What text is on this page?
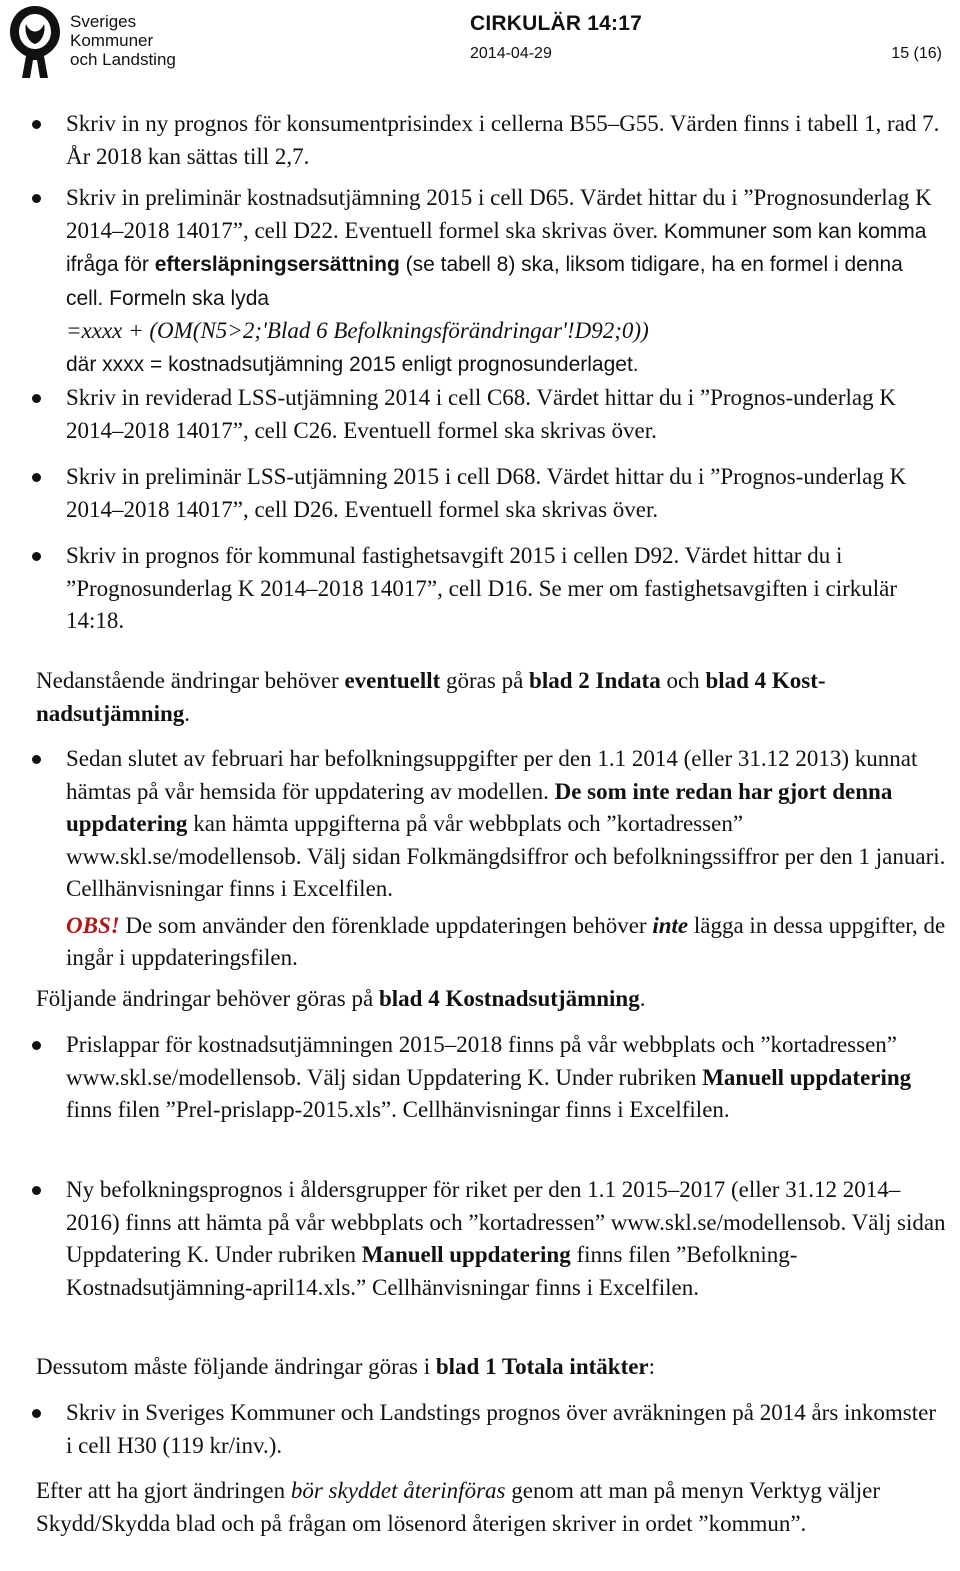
Sveriges
Kommuner
och Landsting
CIRKULÄR 14:17
2014-04-29	15 (16)
Skriv in ny prognos för konsumentprisindex i cellerna B55–G55. Värden finns i tabell 1, rad 7. År 2018 kan sättas till 2,7.
Skriv in preliminär kostnadsutjämning 2015 i cell D65. Värdet hittar du i ”Prognosunderlag K 2014–2018 14017”, cell D22. Eventuell formel ska skrivas över. Kommuner som kan komma ifråga för eftersläpningsersättning (se tabell 8) ska, liksom tidigare, ha en formel i denna cell. Formeln ska lyda
=xxxx + (OM(N5>2;'Blad 6 Befolkningsförändringar'!D92;0))
där xxxx = kostnadsutjämning 2015 enligt prognosunderlaget.
Skriv in reviderad LSS-utjämning 2014 i cell C68. Värdet hittar du i ”Prognos-underlag K 2014–2018 14017”, cell C26. Eventuell formel ska skrivas över.
Skriv in preliminär LSS-utjämning 2015 i cell D68. Värdet hittar du i ”Prognos-underlag K 2014–2018 14017”, cell D26. Eventuell formel ska skrivas över.
Skriv in prognos för kommunal fastighetsavgift 2015 i cellen D92. Värdet hittar du i ”Prognosunderlag K 2014–2018 14017”, cell D16. Se mer om fastighetsavgiften i cirkulär 14:18.
Nedanstående ändringar behöver eventuellt göras på blad 2 Indata och blad 4 Kost-nadsutjämning.
Sedan slutet av februari har befolkningsuppgifter per den 1.1 2014 (eller 31.12 2013) kunnat hämtas på vår hemsida för uppdatering av modellen. De som inte redan har gjort denna uppdatering kan hämta uppgifterna på vår webbplats och ”kortadressen” www.skl.se/modellensob. Välj sidan Folkmängdsiffror och befolkningssiffror per den 1 januari. Cellhänvisningar finns i Excelfilen.
OBS! De som använder den förenklade uppdateringen behöver inte lägga in dessa uppgifter, de ingår i uppdateringsfilen.
Följande ändringar behöver göras på blad 4 Kostnadsutjämning.
Prislappar för kostnadsutjämningen 2015–2018 finns på vår webbplats och ”kortadressen” www.skl.se/modellensob. Välj sidan Uppdatering K. Under rubriken Manuell uppdatering finns filen ”Prel-prislapp-2015.xls”. Cellhänvisningar finns i Excelfilen.
Ny befolkningsprognos i åldersgrupper för riket per den 1.1 2015–2017 (eller 31.12 2014–2016) finns att hämta på vår webbplats och ”kortadressen” www.skl.se/modellensob. Välj sidan Uppdatering K. Under rubriken Manuell uppdatering finns filen ”Befolkning-Kostnadsutjämning-april14.xls.” Cellhänvisningar finns i Excelfilen.
Dessutom måste följande ändringar göras i blad 1 Totala intäkter:
Skriv in Sveriges Kommuner och Landstings prognos över avräkningen på 2014 års inkomster i cell H30 (119 kr/inv.).
Efter att ha gjort ändringen bör skyddet återinföras genom att man på menyn Verktyg väljer Skydd/Skydda blad och på frågan om lösenord återigen skriver in ordet ”kommun”.
